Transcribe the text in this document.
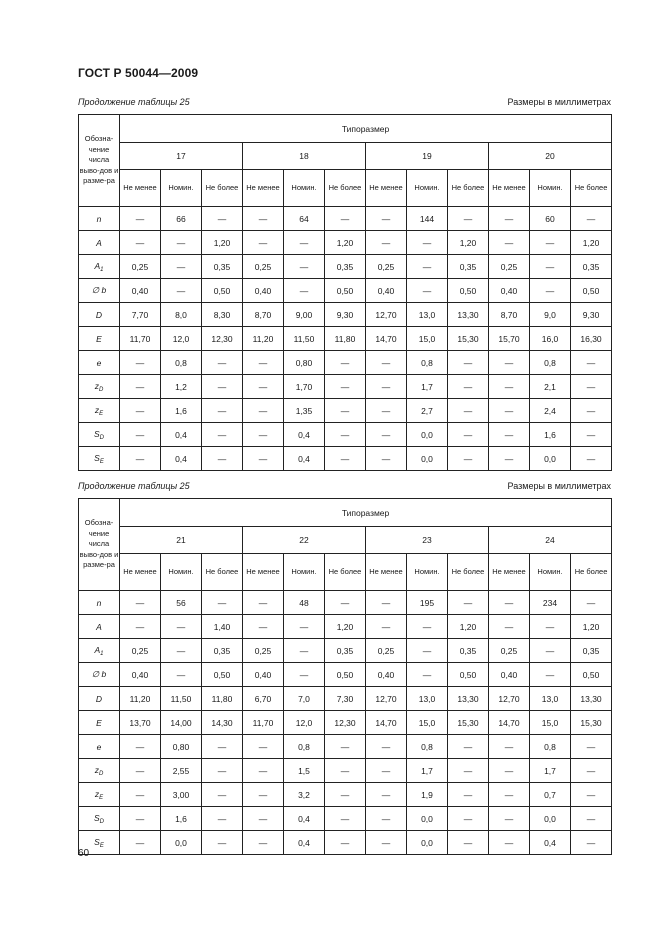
ГОСТ Р 50044—2009
Продолжение таблицы 25	Размеры в миллиметрах
Обозна-чение числа выво-дов и разме-ра	Типоразмер											
	17			18			19			20		
	Не менее	Номин.	Не более	Не менее	Номин.	Не более	Не менее	Номин.	Не более	Не менее	Номин.	Не более
n	—	66	—	—	64	—	—	144	—	—	60	—
A	—	—	1,20	—	—	1,20	—	—	1,20	—	—	1,20
$A_1$	0,25	—	0,35	0,25	—	0,35	0,25	—	0,35	0,25	—	0,35
∅ b	0,40	—	0,50	0,40	—	0,50	0,40	—	0,50	0,40	—	0,50
D	7,70	8,0	8,30	8,70	9,00	9,30	12,70	13,0	13,30	8,70	9,0	9,30
E	11,70	12,0	12,30	11,20	11,50	11,80	14,70	15,0	15,30	15,70	16,0	16,30
e	—	0,8	—	—	0,80	—	—	0,8	—	—	0,8	—
$z_D$	—	1,2	—	—	1,70	—	—	1,7	—	—	2,1	—
$z_E$	—	1,6	—	—	1,35	—	—	2,7	—	—	2,4	—
$S_D$	—	0,4	—	—	0,4	—	—	0,0	—	—	1,6	—
$S_E$	—	0,4	—	—	0,4	—	—	0,0	—	—	0,0	—
Продолжение таблицы 25	Размеры в миллиметрах
Обозна-чение числа выво-дов и разме-ра	Типоразмер											
	21			22			23			24		
	Не менее	Номин.	Не более	Не менее	Номин.	Не более	Не менее	Номин.	Не более	Не менее	Номин.	Не более
n	—	56	—	—	48	—	—	195	—	—	234	—
A	—	—	1,40	—	—	1,20	—	—	1,20	—	—	1,20
$A_1$	0,25	—	0,35	0,25	—	0,35	0,25	—	0,35	0,25	—	0,35
∅ b	0,40	—	0,50	0,40	—	0,50	0,40	—	0,50	0,40	—	0,50
D	11,20	11,50	11,80	6,70	7,0	7,30	12,70	13,0	13,30	12,70	13,0	13,30
E	13,70	14,00	14,30	11,70	12,0	12,30	14,70	15,0	15,30	14,70	15,0	15,30
e	—	0,80	—	—	0,8	—	—	0,8	—	—	0,8	—
$z_D$	—	2,55	—	—	1,5	—	—	1,7	—	—	1,7	—
$z_E$	—	3,00	—	—	3,2	—	—	1,9	—	—	0,7	—
$S_D$	—	1,6	—	—	0,4	—	—	0,0	—	—	0,0	—
$S_E$	—	0,0	—	—	0,4	—	—	0,0	—	—	0,4	—
60
